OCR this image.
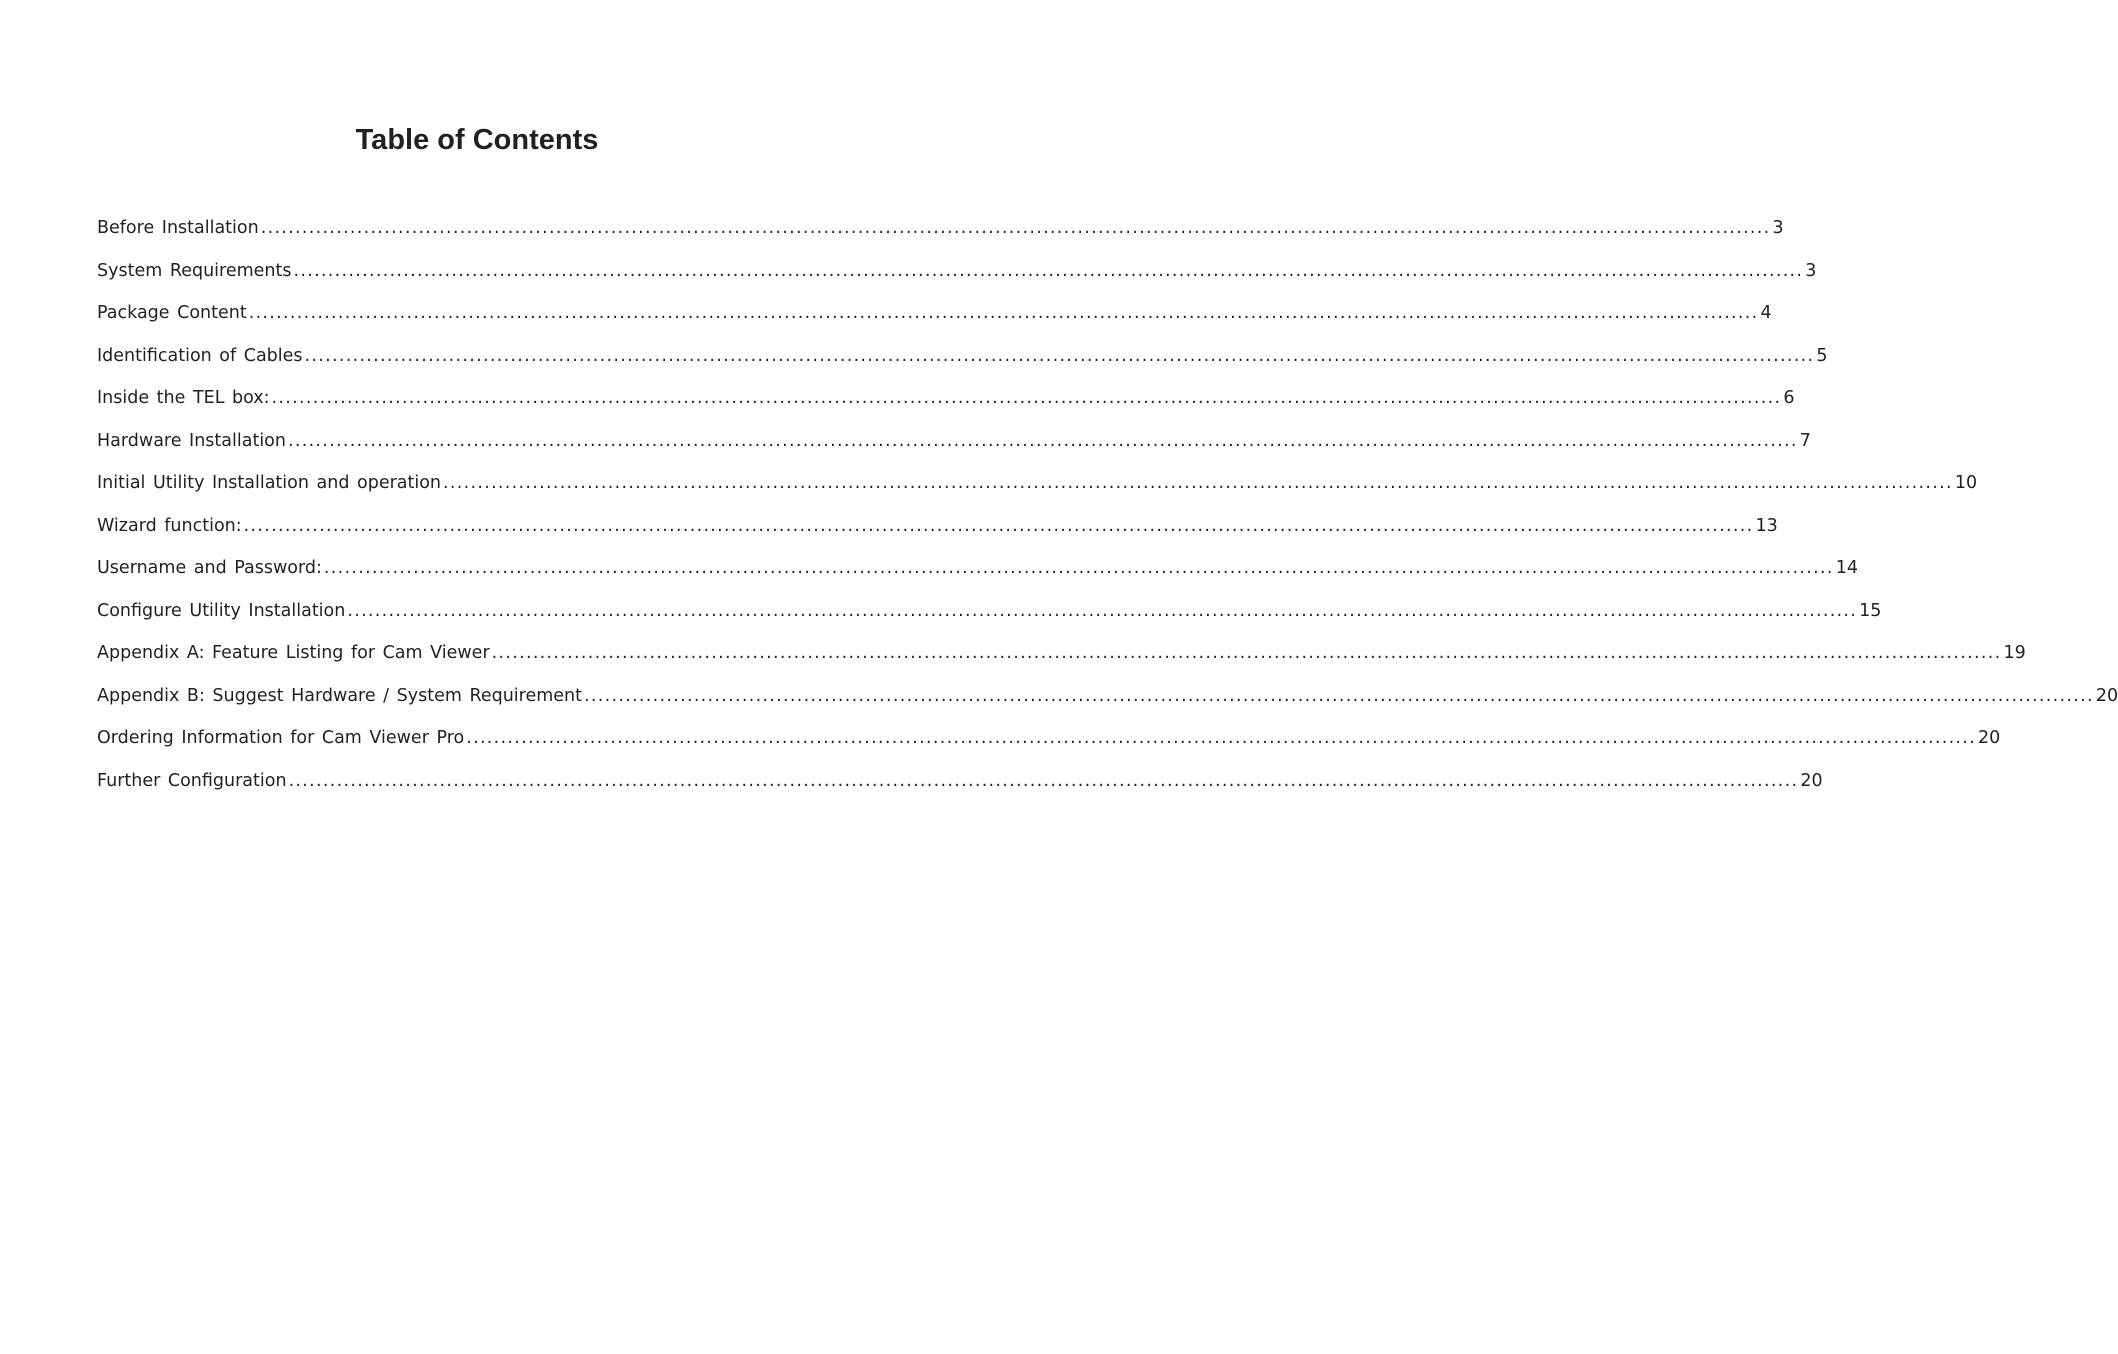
Table of Contents
Before Installation ............................................................................................................................................................................................................................ 3
System Requirements ............................................................................................................................................................................................................................ 3
Package Content ............................................................................................................................................................................................................................ 4
Identification of Cables ............................................................................................................................................................................................................................ 5
Inside the TEL box: ............................................................................................................................................................................................................................ 6
Hardware Installation ............................................................................................................................................................................................................................ 7
Initial Utility Installation and operation ............................................................................................................................................................................................................................ 10
Wizard function: ............................................................................................................................................................................................................................ 13
Username and Password: ............................................................................................................................................................................................................................ 14
Configure Utility Installation ............................................................................................................................................................................................................................ 15
Appendix A: Feature Listing for Cam Viewer ............................................................................................................................................................................................................................ 19
Appendix B: Suggest Hardware / System Requirement ............................................................................................................................................................................................................................ 20
Ordering Information for Cam Viewer Pro ............................................................................................................................................................................................................................ 20
Further Configuration ............................................................................................................................................................................................................................ 20
